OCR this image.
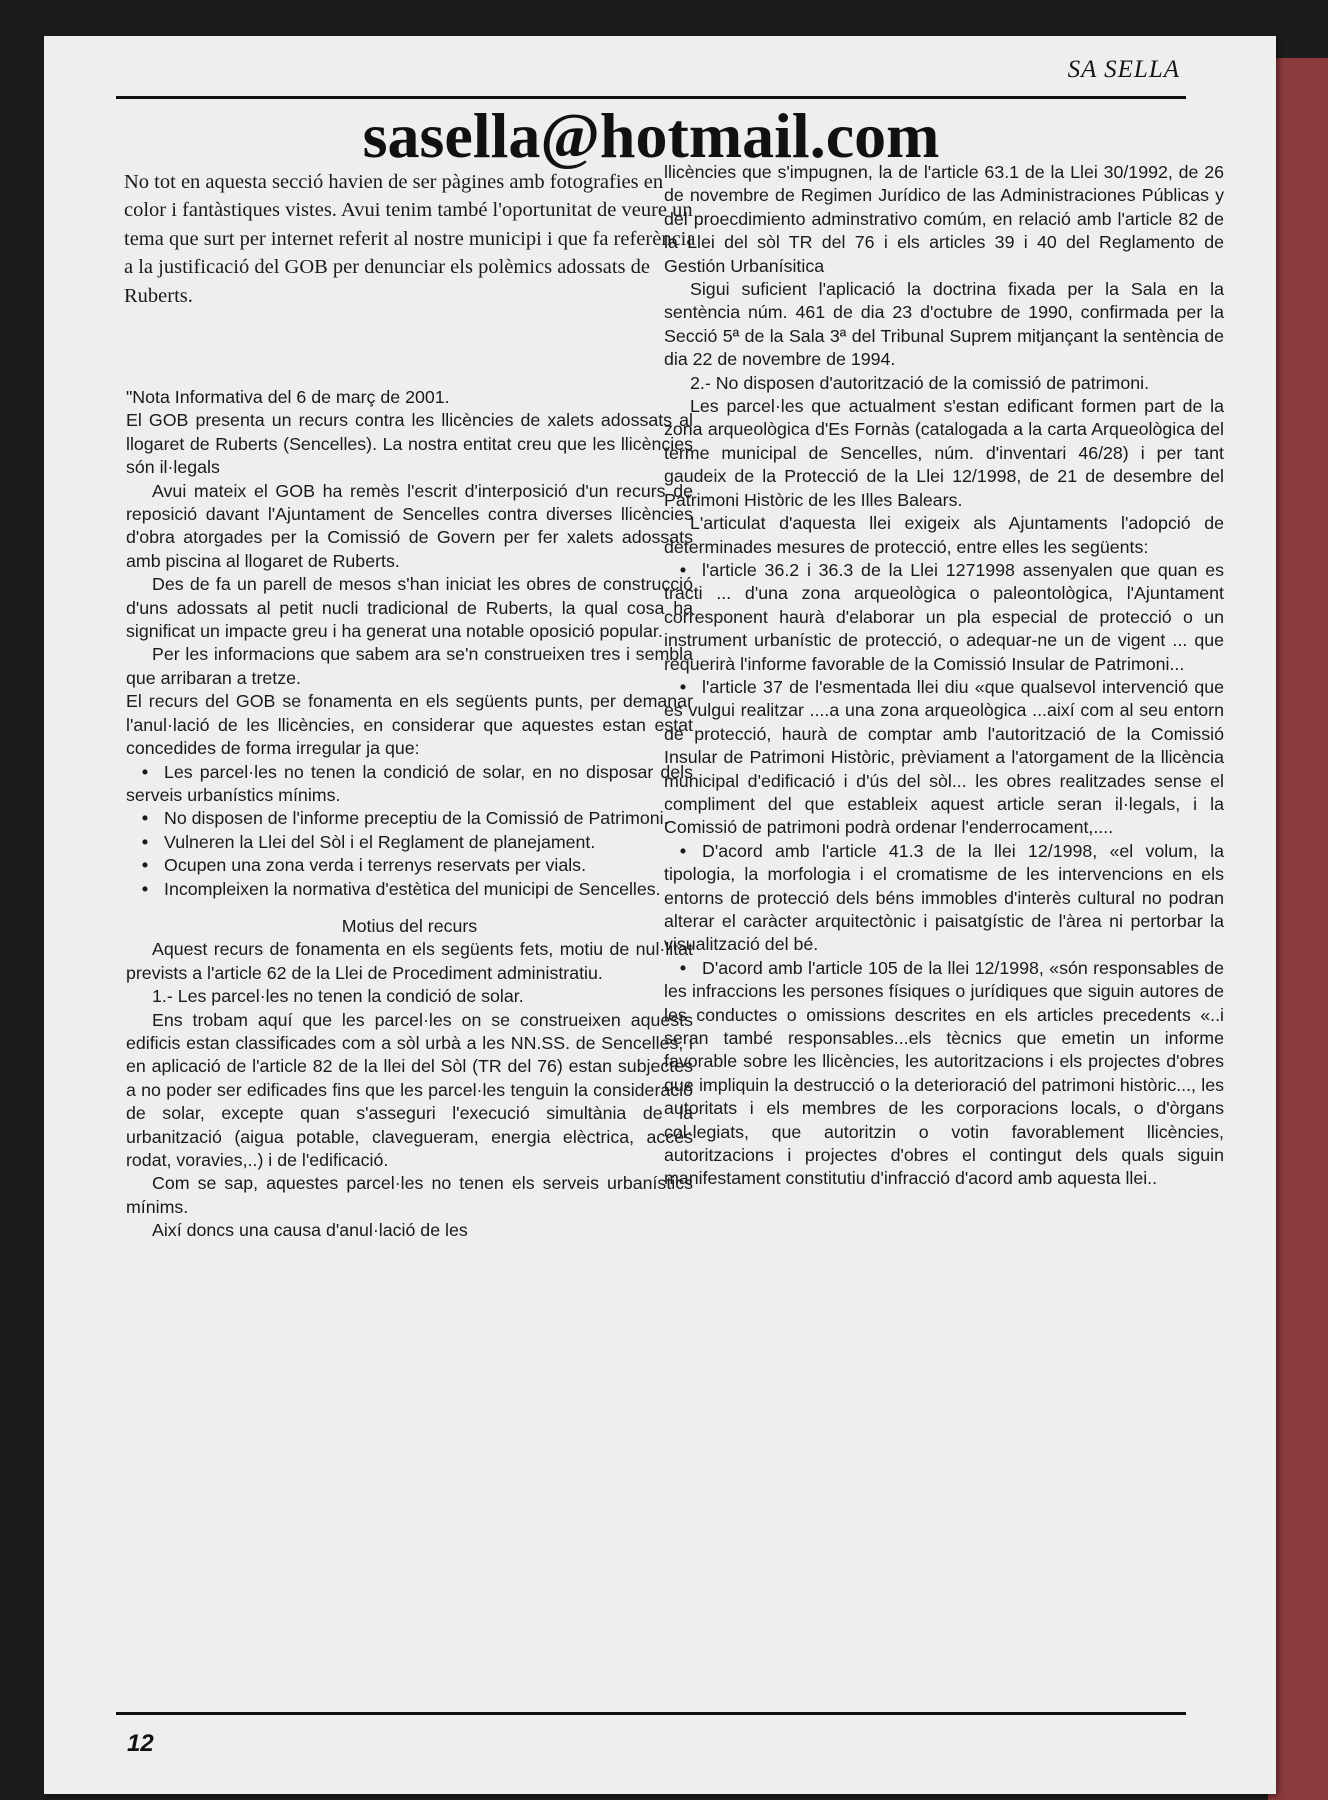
SA SELLA
sasella@hotmail.com

No tot en aquesta secció havien de ser pàgines amb fotografies en color i fantàstiques vistes. Avui tenim també l'oportunitat de veure un tema que surt per internet referit al nostre municipi i que fa referència a la justificació del GOB per denunciar els polèmics adossats de Ruberts.

"Nota Informativa del 6 de març de 2001.

El GOB presenta un recurs contra les llicències de xalets adossats al llogaret de Ruberts (Sencelles). La nostra entitat creu que les llicències són il·legals

Avui mateix el GOB ha remès l'escrit d'interposició d'un recurs de reposició davant l'Ajuntament de Sencelles contra diverses llicències d'obra atorgades per la Comissió de Govern per fer xalets adossats amb piscina al llogaret de Ruberts.

Des de fa un parell de mesos s'han iniciat les obres de construcció d'uns adossats al petit nucli tradicional de Ruberts, la qual cosa ha significat un impacte greu i ha generat una notable oposició popular.

Per les informacions que sabem ara se'n construeixen tres i sembla que arribaran a tretze.

El recurs del GOB se fonamenta en els següents punts, per demanar l'anul·lació de les llicències, en considerar que aquestes estan estat concedides de forma irregular ja que:

• Les parcel·les no tenen la condició de solar, en no disposar dels serveis urbanístics mínims.

• No disposen de l'informe preceptiu de la Comissió de Patrimoni.

• Vulneren la Llei del Sòl i el Reglament de planejament.

• Ocupen una zona verda i terrenys reservats per vials.

• Incompleixen la normativa d'estètica del municipi de Sencelles.

Motius del recurs

Aquest recurs de fonamenta en els següents fets, motiu de nul·litat prevists a l'article 62 de la Llei de Procediment administratiu.

1.- Les parcel·les no tenen la condició de solar.

Ens trobam aquí que les parcel·les on se construeixen aquests edificis estan classificades com a sòl urbà a les NN.SS. de Sencelles, i en aplicació de l'article 82 de la llei del Sòl (TR del 76) estan subjectes a no poder ser edificades fins que les parcel·les tenguin la consideració de solar, excepte quan s'asseguri l'execució simultània de la urbanització (aigua potable, clavegueram, energia elèctrica, accés rodat, voravies,..) i de l'edificació.

Com se sap, aquestes parcel·les no tenen els serveis urbanístics mínims.

Així doncs una causa d'anul·lació de les

llicències que s'impugnen, la de l'article 63.1 de la Llei 30/1992, de 26 de novembre de Regimen Jurídico de las Administraciones Públicas y del proecdimiento adminstrativo comúm, en relació amb l'article 82 de la Llei del sòl TR del 76 i els articles 39 i 40 del Reglamento de Gestión Urbanísitica

Sigui suficient l'aplicació la doctrina fixada per la Sala en la sentència núm. 461 de dia 23 d'octubre de 1990, confirmada per la Secció 5ª de la Sala 3ª del Tribunal Suprem mitjançant la sentència de dia 22 de novembre de 1994.

2.- No disposen d'autorització de la comissió de patrimoni.

Les parcel·les que actualment s'estan edificant formen part de la zona arqueològica d'Es Fornàs (catalogada a la carta Arqueològica del terme municipal de Sencelles, núm. d'inventari 46/28) i per tant gaudeix de la Protecció de la Llei 12/1998, de 21 de desembre del Patrimoni Històric de les Illes Balears.

L'articulat d'aquesta llei exigeix als Ajuntaments l'adopció de determinades mesures de protecció, entre elles les següents:

• l'article 36.2 i 36.3 de la Llei 1271998 assenyalen que quan es tracti ... d'una zona arqueològica o paleontològica, l'Ajuntament corresponent haurà d'elaborar un pla especial de protecció o un instrument urbanístic de protecció, o adequar-ne un de vigent ... que requerirà l'informe favorable de la Comissió Insular de Patrimoni...

• l'article 37 de l'esmentada llei diu «que qualsevol intervenció que es vulgui realitzar ....a una zona arqueològica ...així com al seu entorn de protecció, haurà de comptar amb l'autorització de la Comissió Insular de Patrimoni Històric, prèviament a l'atorgament de la llicència municipal d'edificació i d'ús del sòl... les obres realitzades sense el compliment del que estableix aquest article seran il·legals, i la Comissió de patrimoni podrà ordenar l'enderrocament,....

• D'acord amb l'article 41.3 de la llei 12/1998, «el volum, la tipologia, la morfologia i el cromatisme de les intervencions en els entorns de protecció dels béns immobles d'interès cultural no podran alterar el caràcter arquitectònic i paisatgístic de l'àrea ni pertorbar la visualització del bé.

• D'acord amb l'article 105 de la llei 12/1998, «són responsables de les infraccions les persones físiques o jurídiques que siguin autores de les conductes o omissions descrites en els articles precedents «..i seran també responsables...els tècnics que emetin un informe favorable sobre les llicències, les autoritzacions i els projectes d'obres que impliquin la destrucció o la deterioració del patrimoni històric..., les autoritats i els membres de les corporacions locals, o d'òrgans col·legiats, que autoritzin o votin favorablement llicències, autoritzacions i projectes d'obres el contingut dels quals siguin manifestament constitutiu d'infracció d'acord amb aquesta llei..

12
